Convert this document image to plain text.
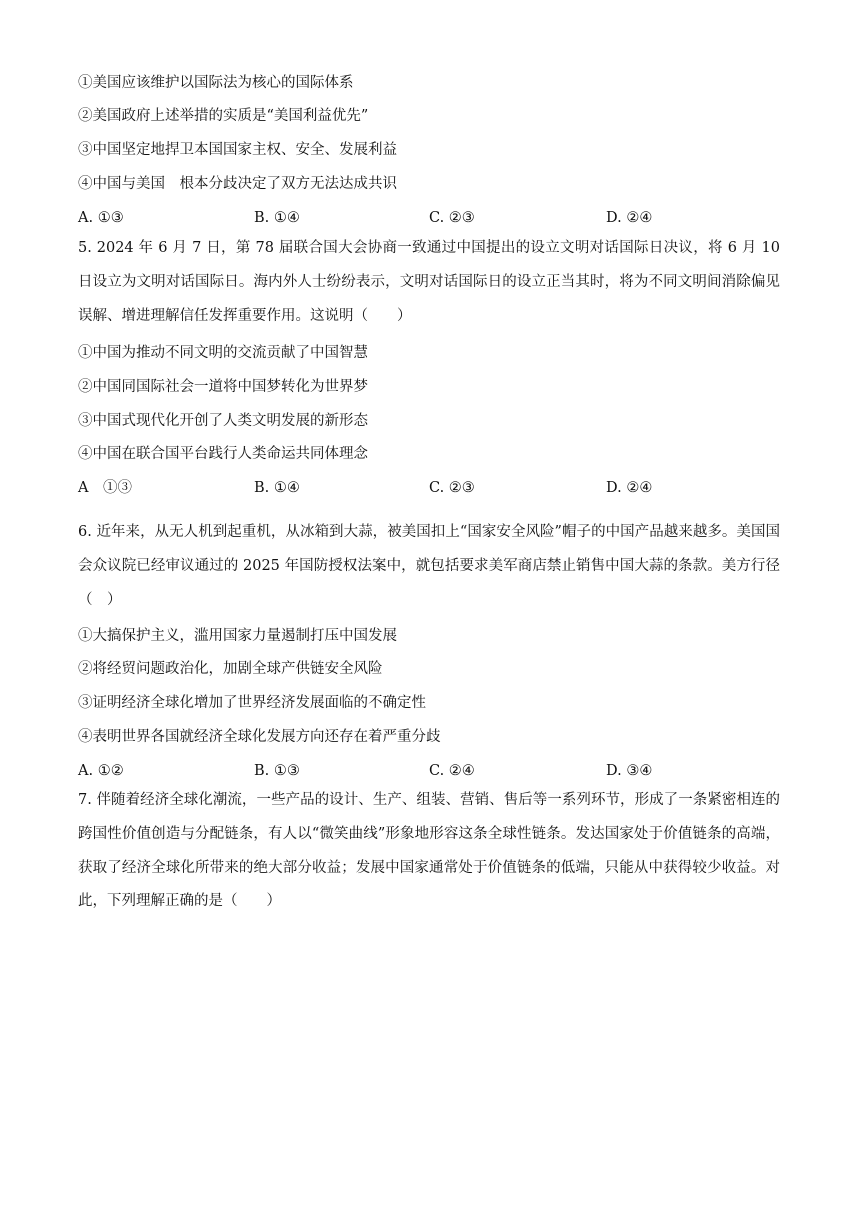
①美国应该维护以国际法为核心的国际体系
②美国政府上述举措的实质是“美国利益优先”
③中国坚定地捍卫本国国家主权、安全、发展利益
④中国与美国　根本分歧决定了双方无法达成共识
A. ①③	B. ①④	C. ②③	D. ②④
5. 2024 年 6 月 7 日，第 78 届联合国大会协商一致通过中国提出的设立文明对话国际日决议，将 6 月 10 日设立为文明对话国际日。海内外人士纷纷表示，文明对话国际日的设立正当其时，将为不同文明间消除偏见误解、增进理解信任发挥重要作用。这说明（　　）
①中国为推动不同文明的交流贡献了中国智慧
②中国同国际社会一道将中国梦转化为世界梦
③中国式现代化开创了人类文明发展的新形态
④中国在联合国平台践行人类命运共同体理念
A　①③	B. ①④	C. ②③	D. ②④
6. 近年来，从无人机到起重机，从冰箱到大蒜，被美国扣上“国家安全风险”帽子的中国产品越来越多。美国国会众议院已经审议通过的 2025 年国防授权法案中，就包括要求美军商店禁止销售中国大蒜的条款。美方行径（　）
①大搞保护主义，滥用国家力量遏制打压中国发展
②将经贸问题政治化，加剧全球产供链安全风险
③证明经济全球化增加了世界经济发展面临的不确定性
④表明世界各国就经济全球化发展方向还存在着严重分歧
A. ①②	B. ①③	C. ②④	D. ③④
7. 伴随着经济全球化潮流，一些产品的设计、生产、组装、营销、售后等一系列环节，形成了一条紧密相连的跨国性价值创造与分配链条，有人以“微笑曲线”形象地形容这条全球性链条。发达国家处于价值链条的高端，获取了经济全球化所带来的绝大部分收益；发展中国家通常处于价值链条的低端，只能从中获得较少收益。对此，下列理解正确的是（　　）
